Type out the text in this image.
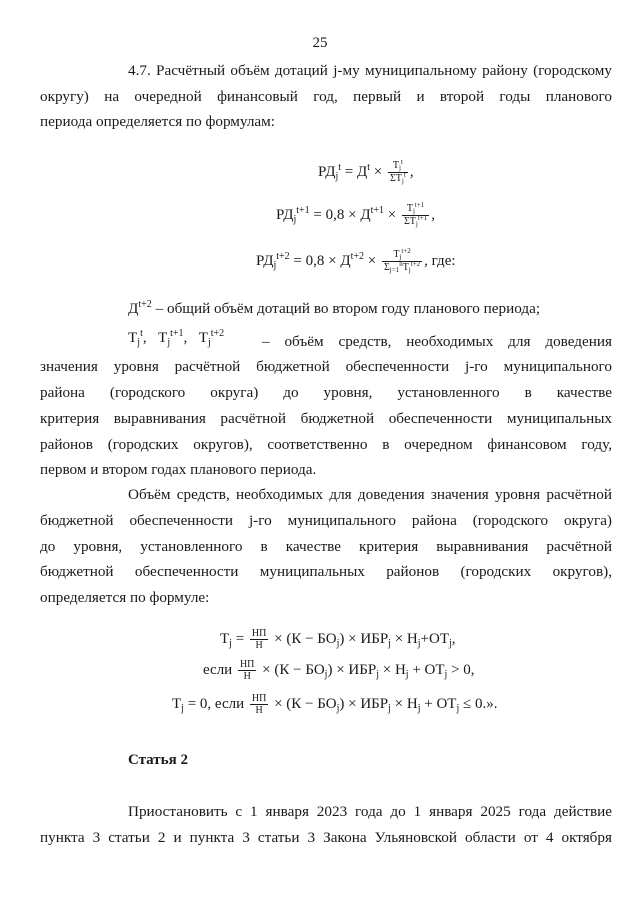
25
4.7. Расчётный объём дотаций j-му муниципальному району (городскому
округу) на очередной финансовый год, первый и второй годы планового
периода определяется по формулам:
$РД_j^t = Д^t \times \frac{T_j^t}{\Sigma T_j^t}$ ,
$РД_j^{t+1} = 0,8 \times Д^{t+1} \times \frac{T_j^{t+1}}{\Sigma T_j^{t+1}}$ ,
$РД_j^{t+2} = 0,8 \times Д^{t+2} \times \frac{T_j^{t+2}}{\Sigma_{j=1}^nT_j^{t+2}}$ , где:
$Д^{t+2}$ – общий объём дотаций во втором году планового периода;
Tj$^t$,   $Tj^{t+1}$,   $Tj^{t+2}$ – объём средств, необходимых для доведения
значения уровня расчётной бюджетной обеспеченности j-го муниципального
района (городского округа) до уровня, установленного в качестве
критерия выравнивания расчётной бюджетной обеспеченности муниципальных
районов (городских округов), соответственно в очередном финансовом году,
первом и втором годах планового периода.
Объём средств, необходимых для доведения значения уровня расчётной
бюджетной обеспеченности j-го муниципального района (городского округа)
до уровня, установленного в качестве критерия выравнивания расчётной
бюджетной обеспеченности муниципальных районов (городских округов),
определяется по формуле:
$T_j = \frac{НП}{Н} \times (К - БО_j) \times ИБР_j \times H_j+ОТ_j$,
если $\frac{НП}{Н} \times (К - БО_j) \times ИБР_j \times H_j + ОТ_j > 0$,
$T_j = 0$, если $\frac{НП}{Н} \times (К - БО_j) \times ИБР_j \times H_j + ОТ_j \le 0$.».
Статья 2
Приостановить с 1 января 2023 года до 1 января 2025 года действие
пункта 3 статьи 2 и пункта 3 статьи 3 Закона Ульяновской области от 4 октября
